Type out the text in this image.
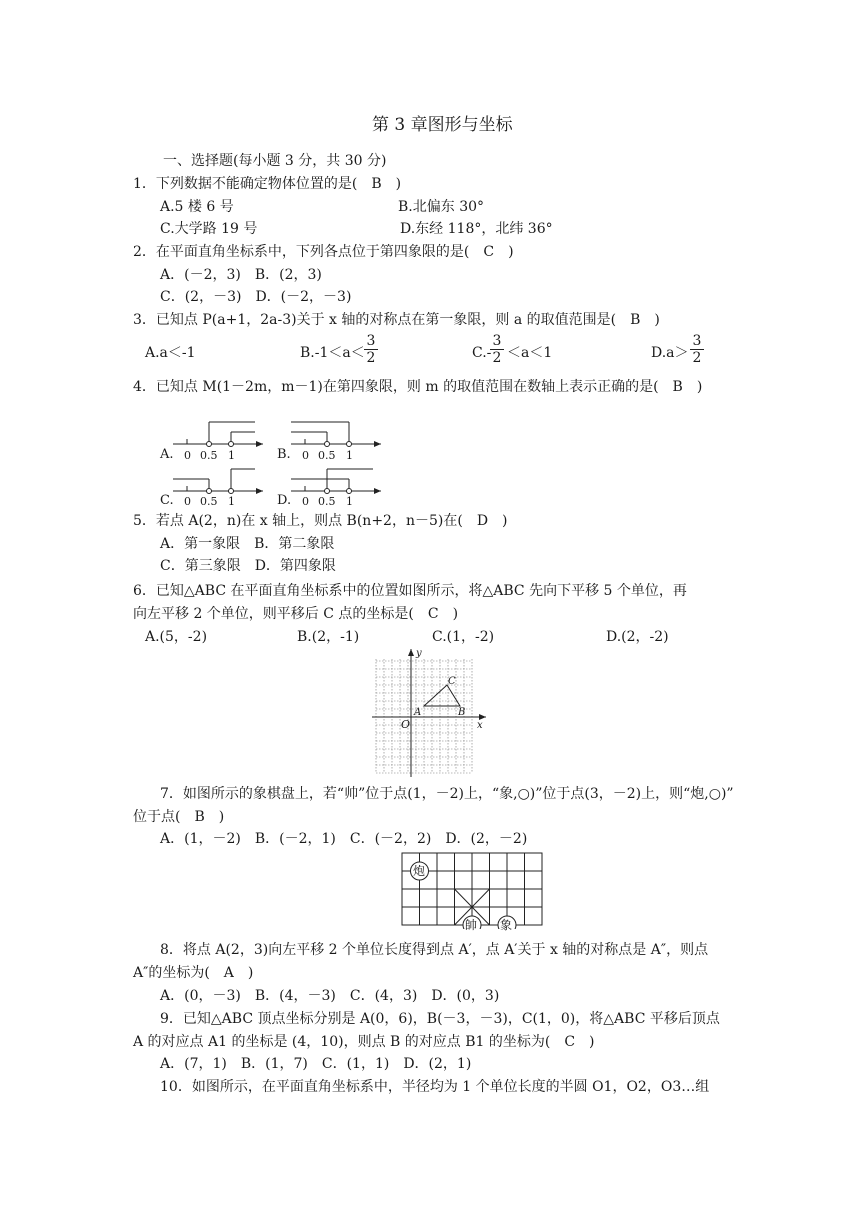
第 3 章图形与坐标
一、选择题(每小题 3 分，共 30 分)
1．下列数据不能确定物体位置的是(　B　)
A.5 楼 6 号	B.北偏东 30°
C.大学路 19 号	D.东经 118°，北纬 36°
2．在平面直角坐标系中，下列各点位于第四象限的是(　C　)
A．(－2，3)　B．(2，3)
C．(2，－3)　D．(－2，－3)
3．已知点 P(a+1，2a-3)关于 x 轴的对称点在第一象限，则 a 的取值范围是(　B　)
A.a＜-1	$B.-1<a< \frac{3}{2}$	C.-
$\frac{3}{2} <a<1$	$D.a> \frac{3}{2}$
4．已知点 M(1－2m，m－1)在第四象限，则 m 的取值范围在数轴上表示正确的是(　B　)
A.	B.
C.	D.
0 0.5 1	0 0.5 1
0 0.5 1	0 0.5 1
5．若点 A(2，n)在 x 轴上，则点 B(n+2，n－5)在(　D　)
A．第一象限　B．第二象限
C．第三象限　D．第四象限
6．已知△ABC 在平面直角坐标系中的位置如图所示，将△ABC 先向下平移 5 个单位，再
向左平移 2 个单位，则平移后 C 点的坐标是(　C　)
A.(5，-2)	B.(2，-1)	C.(1，-2)	D.(2，-2)
y
x
O
A	B
C
7．如图所示的象棋盘上，若“帅”位于点(1，－2)上，“象,○)”位于点(3，－2)上，则“炮,○)”
位于点(　B　)
A．(1，－2)　B．(－2，1)　C．(－2，2)　D．(2，－2)
炮
帥 象
8．将点 A(2，3)向左平移 2 个单位长度得到点 A′，点 A′关于 x 轴的对称点是 A″，则点
A″的坐标为(　A　)
A．(0，－3)　B．(4，－3)　C．(4，3)　D．(0，3)
9．已知△ABC 顶点坐标分别是 A(0，6)，B(－3，－3)，C(1，0)，将△ABC 平移后顶点
A 的对应点 A1 的坐标是 (4，10)，则点 B 的对应点 B1 的坐标为(　C　)
A．(7，1)　B．(1，7)　C．(1，1)　D．(2，1)
10．如图所示，在平面直角坐标系中，半径均为 1 个单位长度的半圆 O1，O2，O3…组
